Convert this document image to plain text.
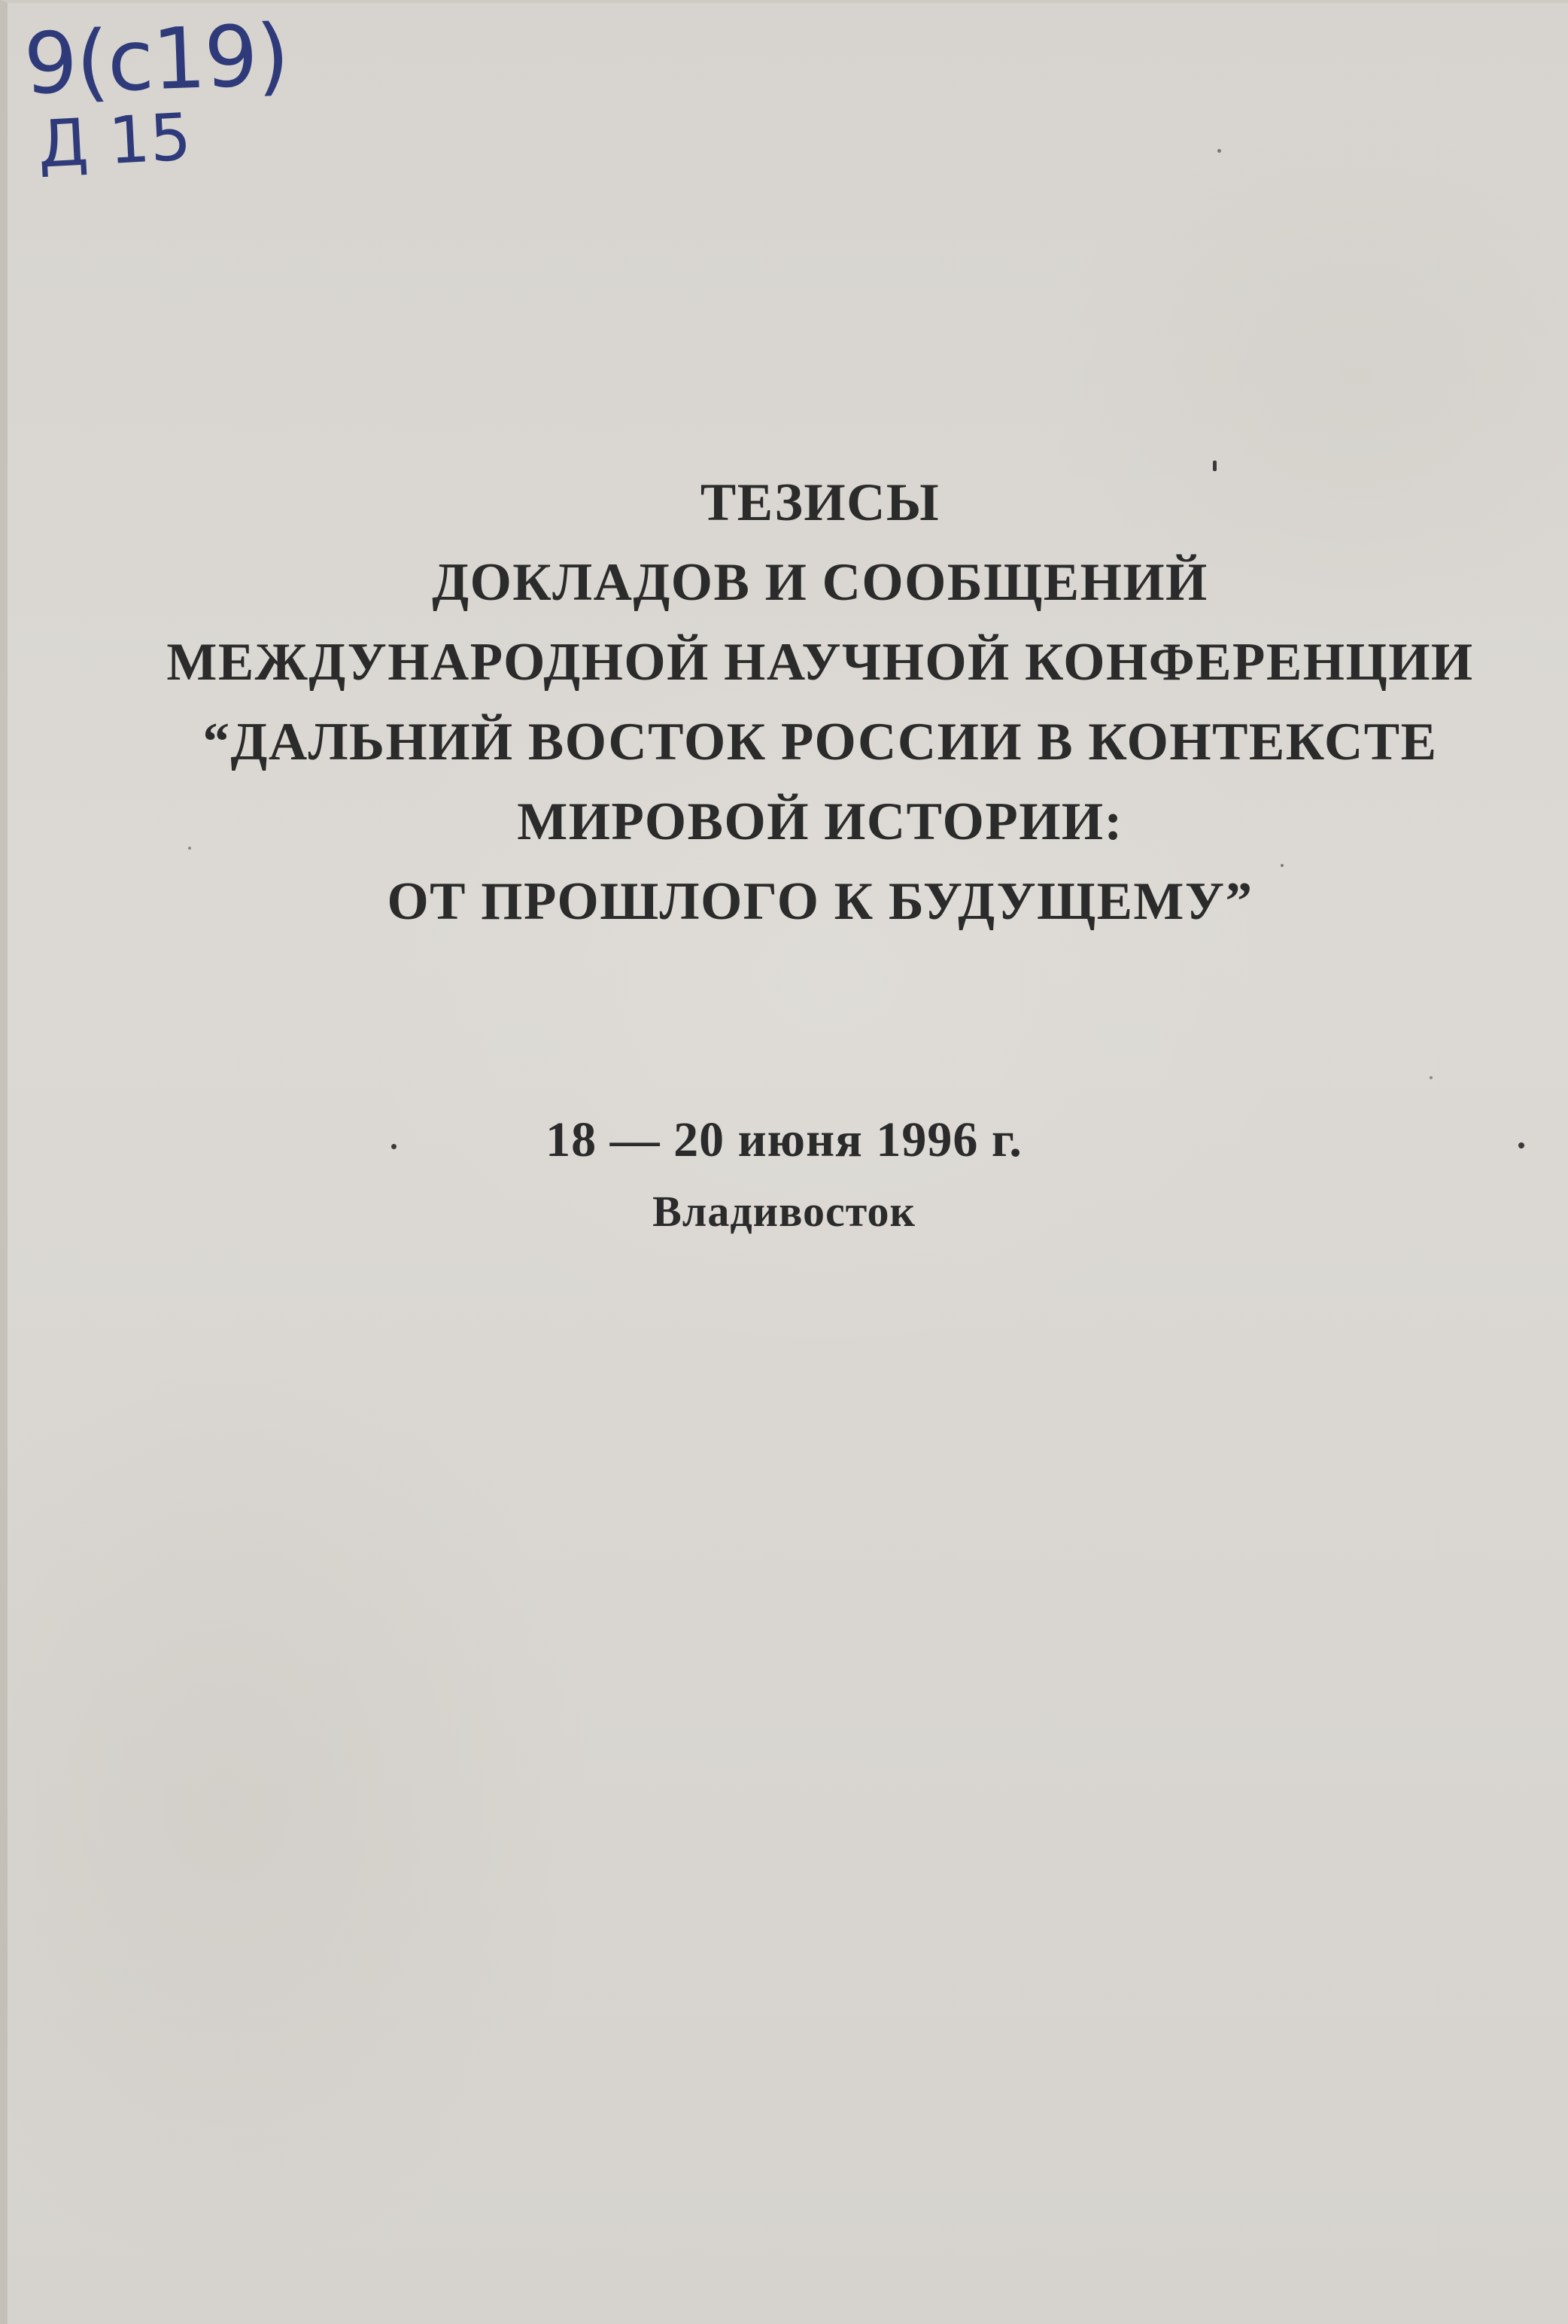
9(с19)
Д 15
ТЕЗИСЫ
ДОКЛАДОВ И СООБЩЕНИЙ
МЕЖДУНАРОДНОЙ НАУЧНОЙ КОНФЕРЕНЦИИ
“ДАЛЬНИЙ ВОСТОК РОССИИ В КОНТЕКСТЕ
МИРОВОЙ ИСТОРИИ:
ОТ ПРОШЛОГО К БУДУЩЕМУ”
18 — 20 июня 1996 г.
Владивосток
